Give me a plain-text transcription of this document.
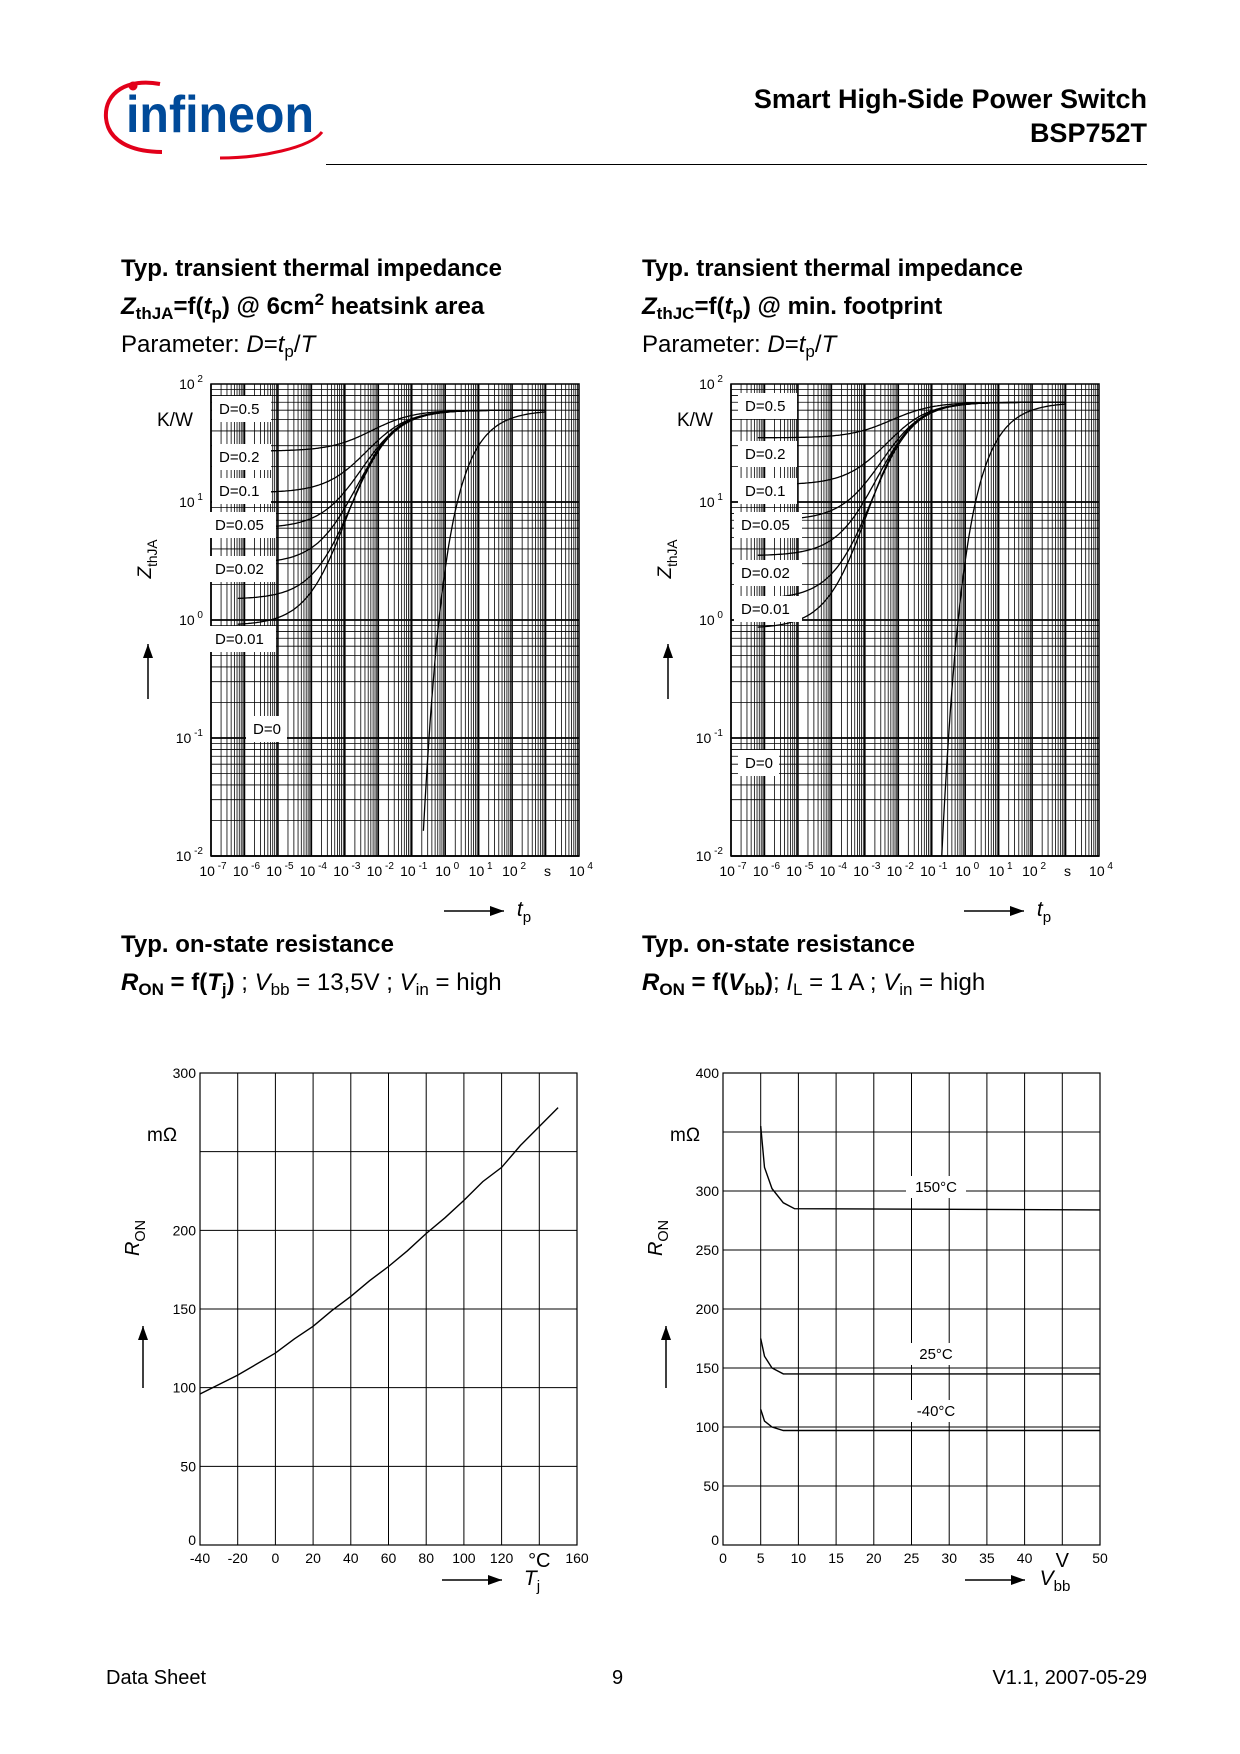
infineon	Smart High-Side Power Switch
BSP752T
Typ. transient thermal impedance
$Z_{thJA}=f(t_p)$ @ $6cm^2$ heatsink area
Parameter: $D=t_p/T$
Typ. transient thermal impedance
$Z_{thJC}=f(t_p)$ @ min. footprint
Parameter: $D=t_p/T$
Typ. on-state resistance
$R_{ON} = f(T_j)$ ; $V_{bb} = 13,5V$ ; $V_{in}$ = high
Typ. on-state resistance
$R_{ON} = f(V_{bb})$; $I_L = 1$ A ; $V_{in}$ = high
10 $^{-7}$ 10 $^{-6}$ 10 $^{-5}$ 10 $^{-4}$ 10 $^{-3}$ 10 $^{-2}$ 10 $^{-1}$ 10 $^0$ 10 $^1$ 10 $^2$ s 10 $^4$
10 $^{-2}$
10 $^{-1}$
10 $^0$
10 $^1$
10 $^2$
K/W
$Z_{thJA}$
$t_p$
D=0.5
D=0.2
D=0.1
D=0.05
D=0.02
D=0.01
D=0
10 $^{-7}$ 10 $^{-6}$ 10 $^{-5}$ 10 $^{-4}$ 10 $^{-3}$ 10 $^{-2}$ 10 $^{-1}$ 10 $^0$ 10 $^1$ 10 $^2$ s 10 $^4$
10 $^{-2}$
10 $^{-1}$
10 $^0$
10 $^1$
10 $^2$
K/W
$Z_{thJA}$
$t_p$
D=0.5
D=0.2
D=0.1
D=0.05
D=0.02
D=0.01
D=0
-40 -20 0 20 40 60 80 100 120 °C 160
0
50
100
150
200
300
mΩ
$R_{ON}$
$T_j$
0 5 10 15 20 25 30 35 40 V 50
0
50
100
150
200
250
300
400
mΩ
$R_{ON}$
$V_{bb}$
150°C
25°C
-40°C
Data Sheet	9	V1.1, 2007-05-29
